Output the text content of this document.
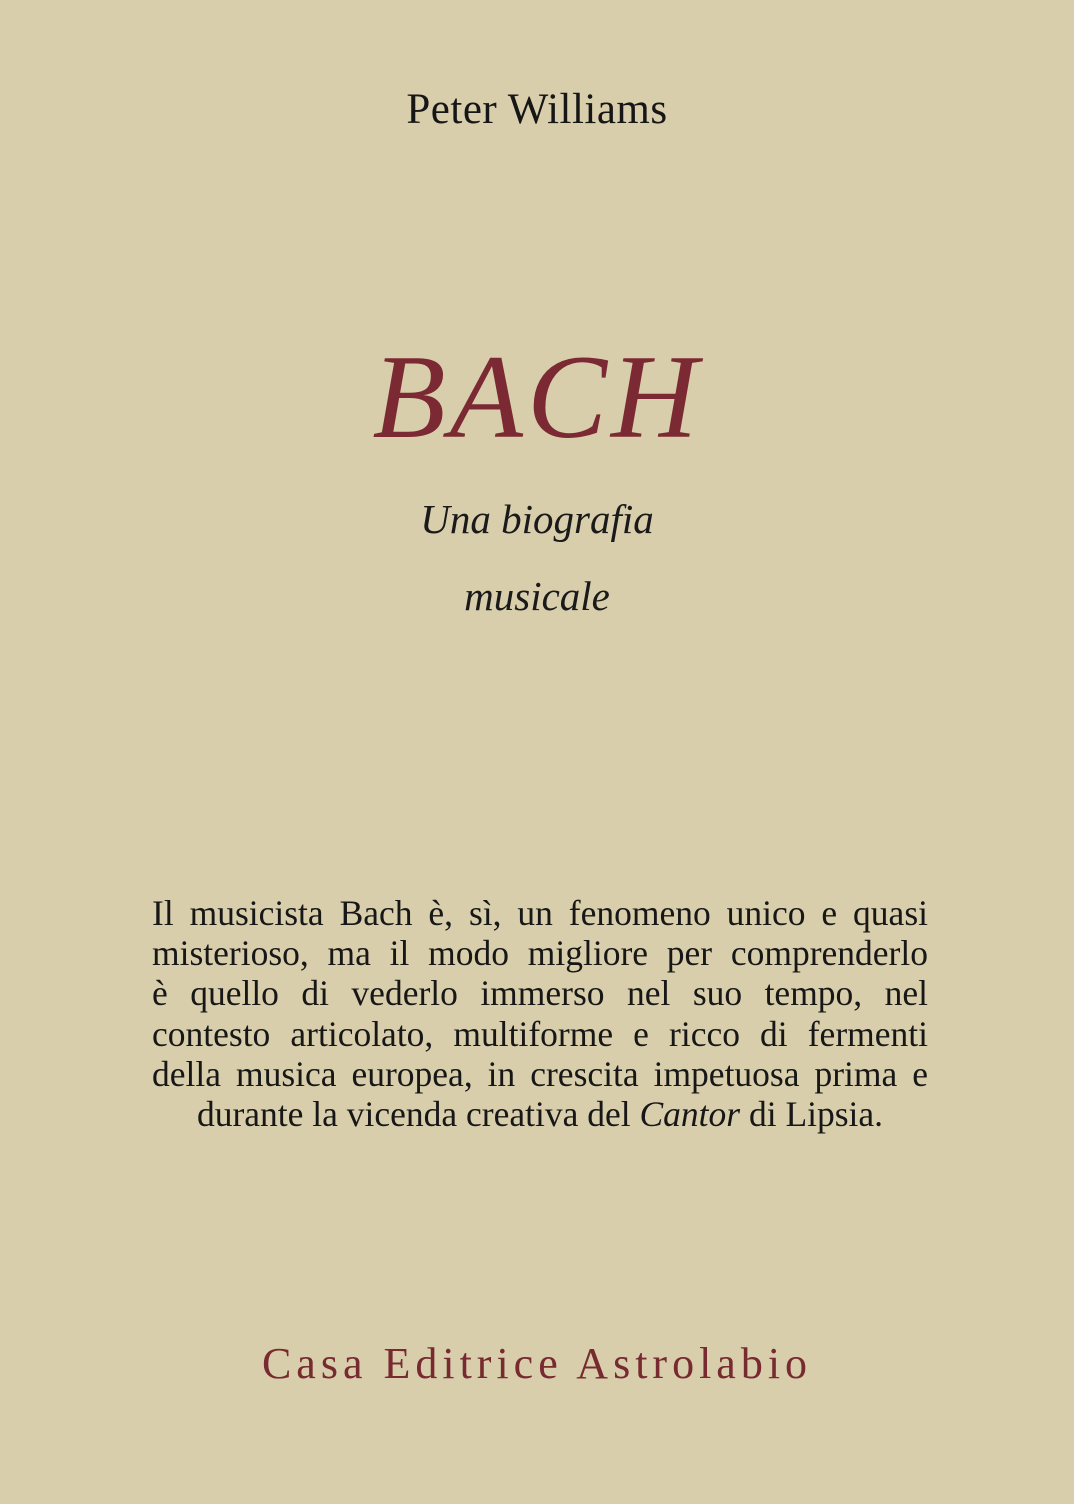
Peter Williams
BACH
Una biografia
musicale
Il musicista Bach è, sì, un fenomeno unico e quasi
misterioso, ma il modo migliore per comprenderlo
è quello di vederlo immerso nel suo tempo, nel
contesto articolato, multiforme e ricco di fermenti
della musica europea, in crescita impetuosa prima e
durante la vicenda creativa del Cantor di Lipsia.
Casa Editrice Astrolabio
